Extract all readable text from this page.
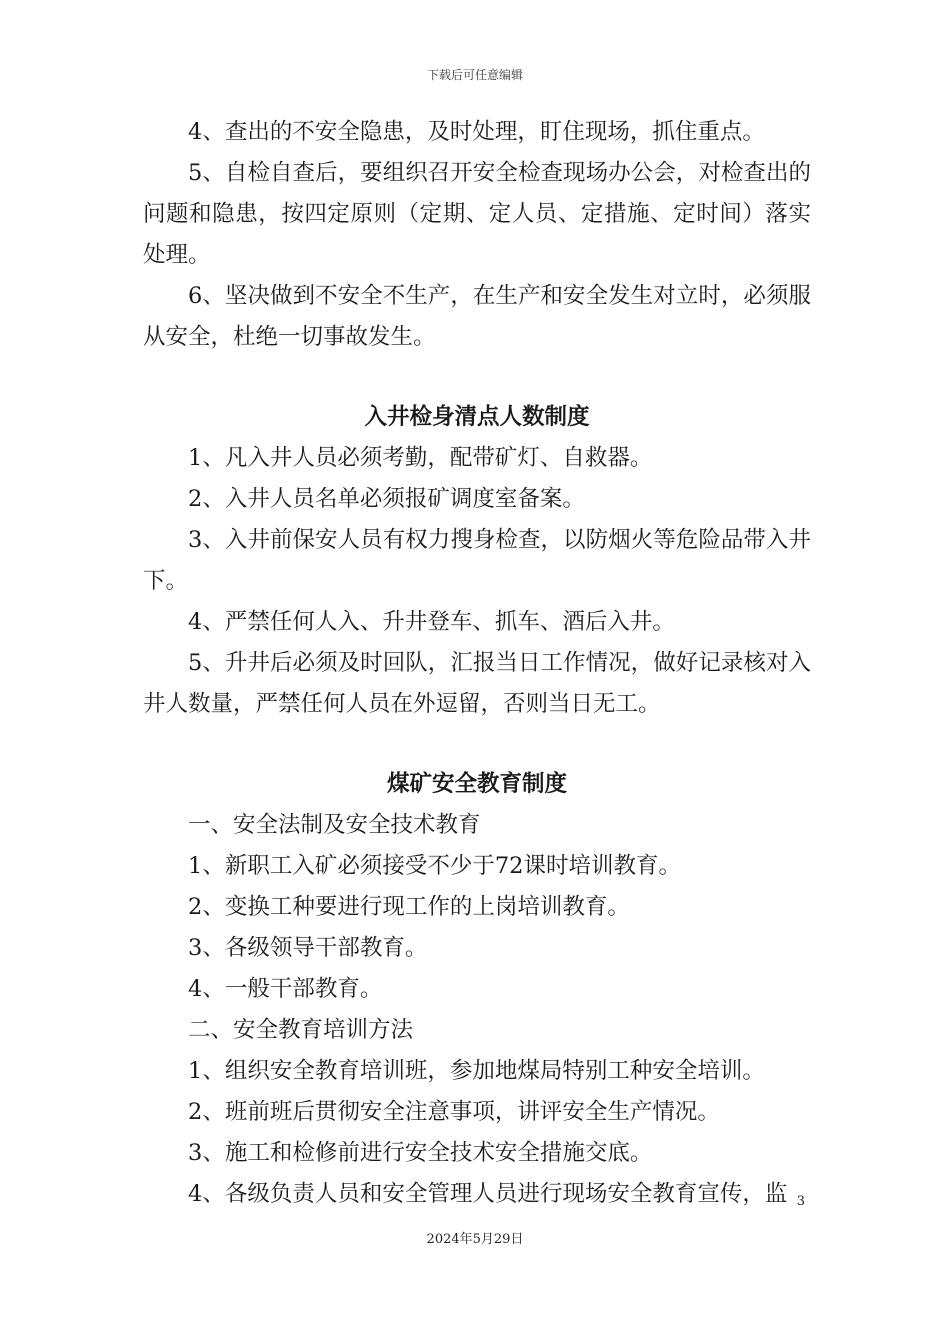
下载后可任意编辑

4、查出的不安全隐患，及时处理，盯住现场，抓住重点。

5、自检自查后，要组织召开安全检查现场办公会，对检查出的问题和隐患，按四定原则（定期、定人员、定措施、定时间）落实处理。

6、坚决做到不安全不生产，在生产和安全发生对立时，必须服从安全，杜绝一切事故发生。

入井检身清点人数制度

1、凡入井人员必须考勤，配带矿灯、自救器。

2、入井人员名单必须报矿调度室备案。

3、入井前保安人员有权力搜身检查，以防烟火等危险品带入井下。

4、严禁任何人入、升井登车、抓车、酒后入井。

5、升井后必须及时回队，汇报当日工作情况，做好记录核对入井人数量，严禁任何人员在外逗留，否则当日无工。

煤矿安全教育制度

一、安全法制及安全技术教育

1、新职工入矿必须接受不少于72课时培训教育。

2、变换工种要进行现工作的上岗培训教育。

3、各级领导干部教育。

4、一般干部教育。

二、安全教育培训方法

1、组织安全教育培训班，参加地煤局特别工种安全培训。

2、班前班后贯彻安全注意事项，讲评安全生产情况。

3、施工和检修前进行安全技术安全措施交底。

4、各级负责人员和安全管理人员进行现场安全教育宣传，监 3
2024年5月29日
